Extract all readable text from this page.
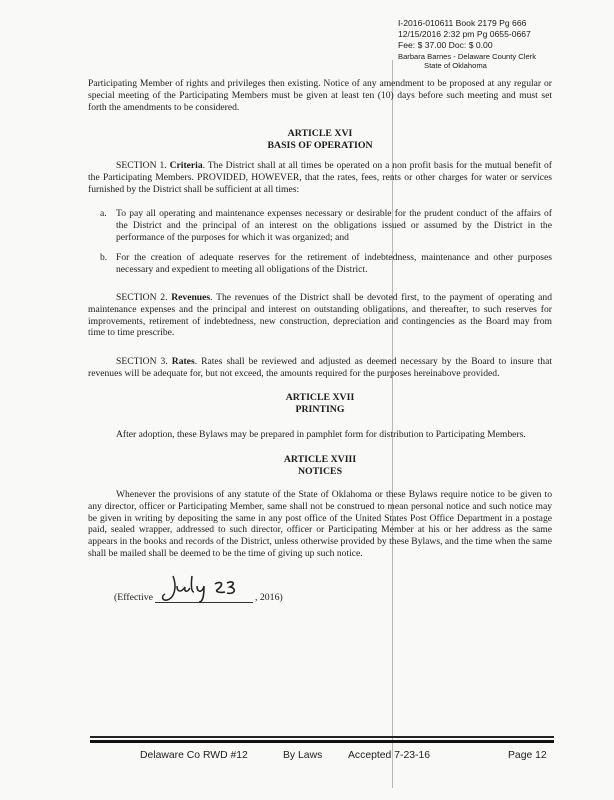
I-2016-010611 Book 2179 Pg 666
12/15/2016 2:32 pm Pg 0655-0667
Fee: $ 37.00 Doc: $ 0.00
Barbara Barnes - Delaware County Clerk
State of Oklahoma
Participating Member of rights and privileges then existing. Notice of any amendment to be proposed at any regular or special meeting of the Participating Members must be given at least ten (10) days before such meeting and must set forth the amendments to be considered.
ARTICLE XVI
BASIS OF OPERATION
SECTION 1. Criteria. The District shall at all times be operated on a non profit basis for the mutual benefit of the Participating Members. PROVIDED, HOWEVER, that the rates, fees, rents or other charges for water or services furnished by the District shall be sufficient at all times:
a. To pay all operating and maintenance expenses necessary or desirable for the prudent conduct of the affairs of the District and the principal of an interest on the obligations issued or assumed by the District in the performance of the purposes for which it was organized; and
b. For the creation of adequate reserves for the retirement of indebtedness, maintenance and other purposes necessary and expedient to meeting all obligations of the District.
SECTION 2. Revenues. The revenues of the District shall be devoted first, to the payment of operating and maintenance expenses and the principal and interest on outstanding obligations, and thereafter, to such reserves for improvements, retirement of indebtedness, new construction, depreciation and contingencies as the Board may from time to time prescribe.
SECTION 3. Rates. Rates shall be reviewed and adjusted as deemed necessary by the Board to insure that revenues will be adequate for, but not exceed, the amounts required for the purposes hereinabove provided.
ARTICLE XVII
PRINTING
After adoption, these Bylaws may be prepared in pamphlet form for distribution to Participating Members.
ARTICLE XVIII
NOTICES
Whenever the provisions of any statute of the State of Oklahoma or these Bylaws require notice to be given to any director, officer or Participating Member, same shall not be construed to mean personal notice and such notice may be given in writing by depositing the same in any post office of the United States Post Office Department in a postage paid, sealed wrapper, addressed to such director, officer or Participating Member at his or her address as the same appears in the books and records of the District, unless otherwise provided by these Bylaws, and the time when the same shall be mailed shall be deemed to be the time of giving up such notice.
(Effective	, 2016)
Delaware Co RWD #12	By Laws Accepted 7-23-16	Page 12
